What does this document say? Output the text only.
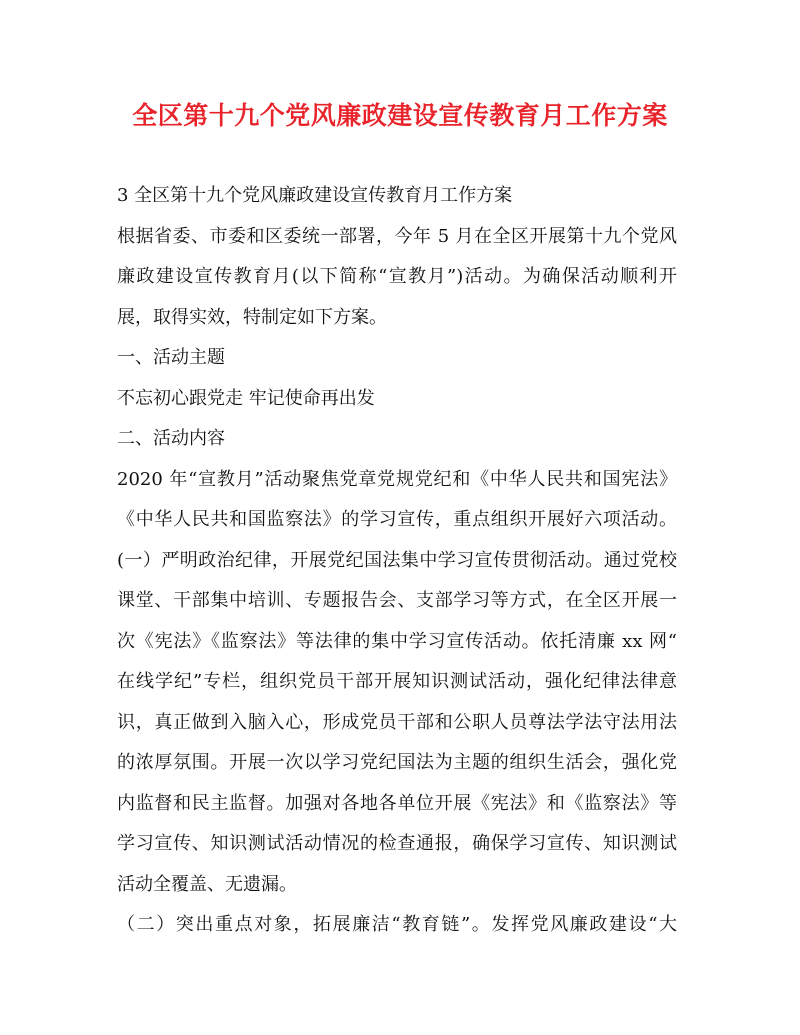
全区第十九个党风廉政建设宣传教育月工作方案
3 全区第十九个党风廉政建设宣传教育月工作方案
根据省委、市委和区委统一部署，今年 5 月在全区开展第十九个党风
廉政建设宣传教育月(以下简称“宣教月”)活动。为确保活动顺利开
展，取得实效，特制定如下方案。
一、活动主题
不忘初心跟党走 牢记使命再出发
二、活动内容
2020 年“宣教月”活动聚焦党章党规党纪和《中华人民共和国宪法》
《中华人民共和国监察法》的学习宣传，重点组织开展好六项活动。
(一）严明政治纪律，开展党纪国法集中学习宣传贯彻活动。通过党校
课堂、干部集中培训、专题报告会、支部学习等方式，在全区开展一
次《宪法》《监察法》等法律的集中学习宣传活动。依托清廉 xx 网“
在线学纪”专栏，组织党员干部开展知识测试活动，强化纪律法律意
识，真正做到入脑入心，形成党员干部和公职人员尊法学法守法用法
的浓厚氛围。开展一次以学习党纪国法为主题的组织生活会，强化党
内监督和民主监督。加强对各地各单位开展《宪法》和《监察法》等
学习宣传、知识测试活动情况的检查通报，确保学习宣传、知识测试
活动全覆盖、无遗漏。
（二）突出重点对象，拓展廉洁“教育链”。发挥党风廉政建设“大
